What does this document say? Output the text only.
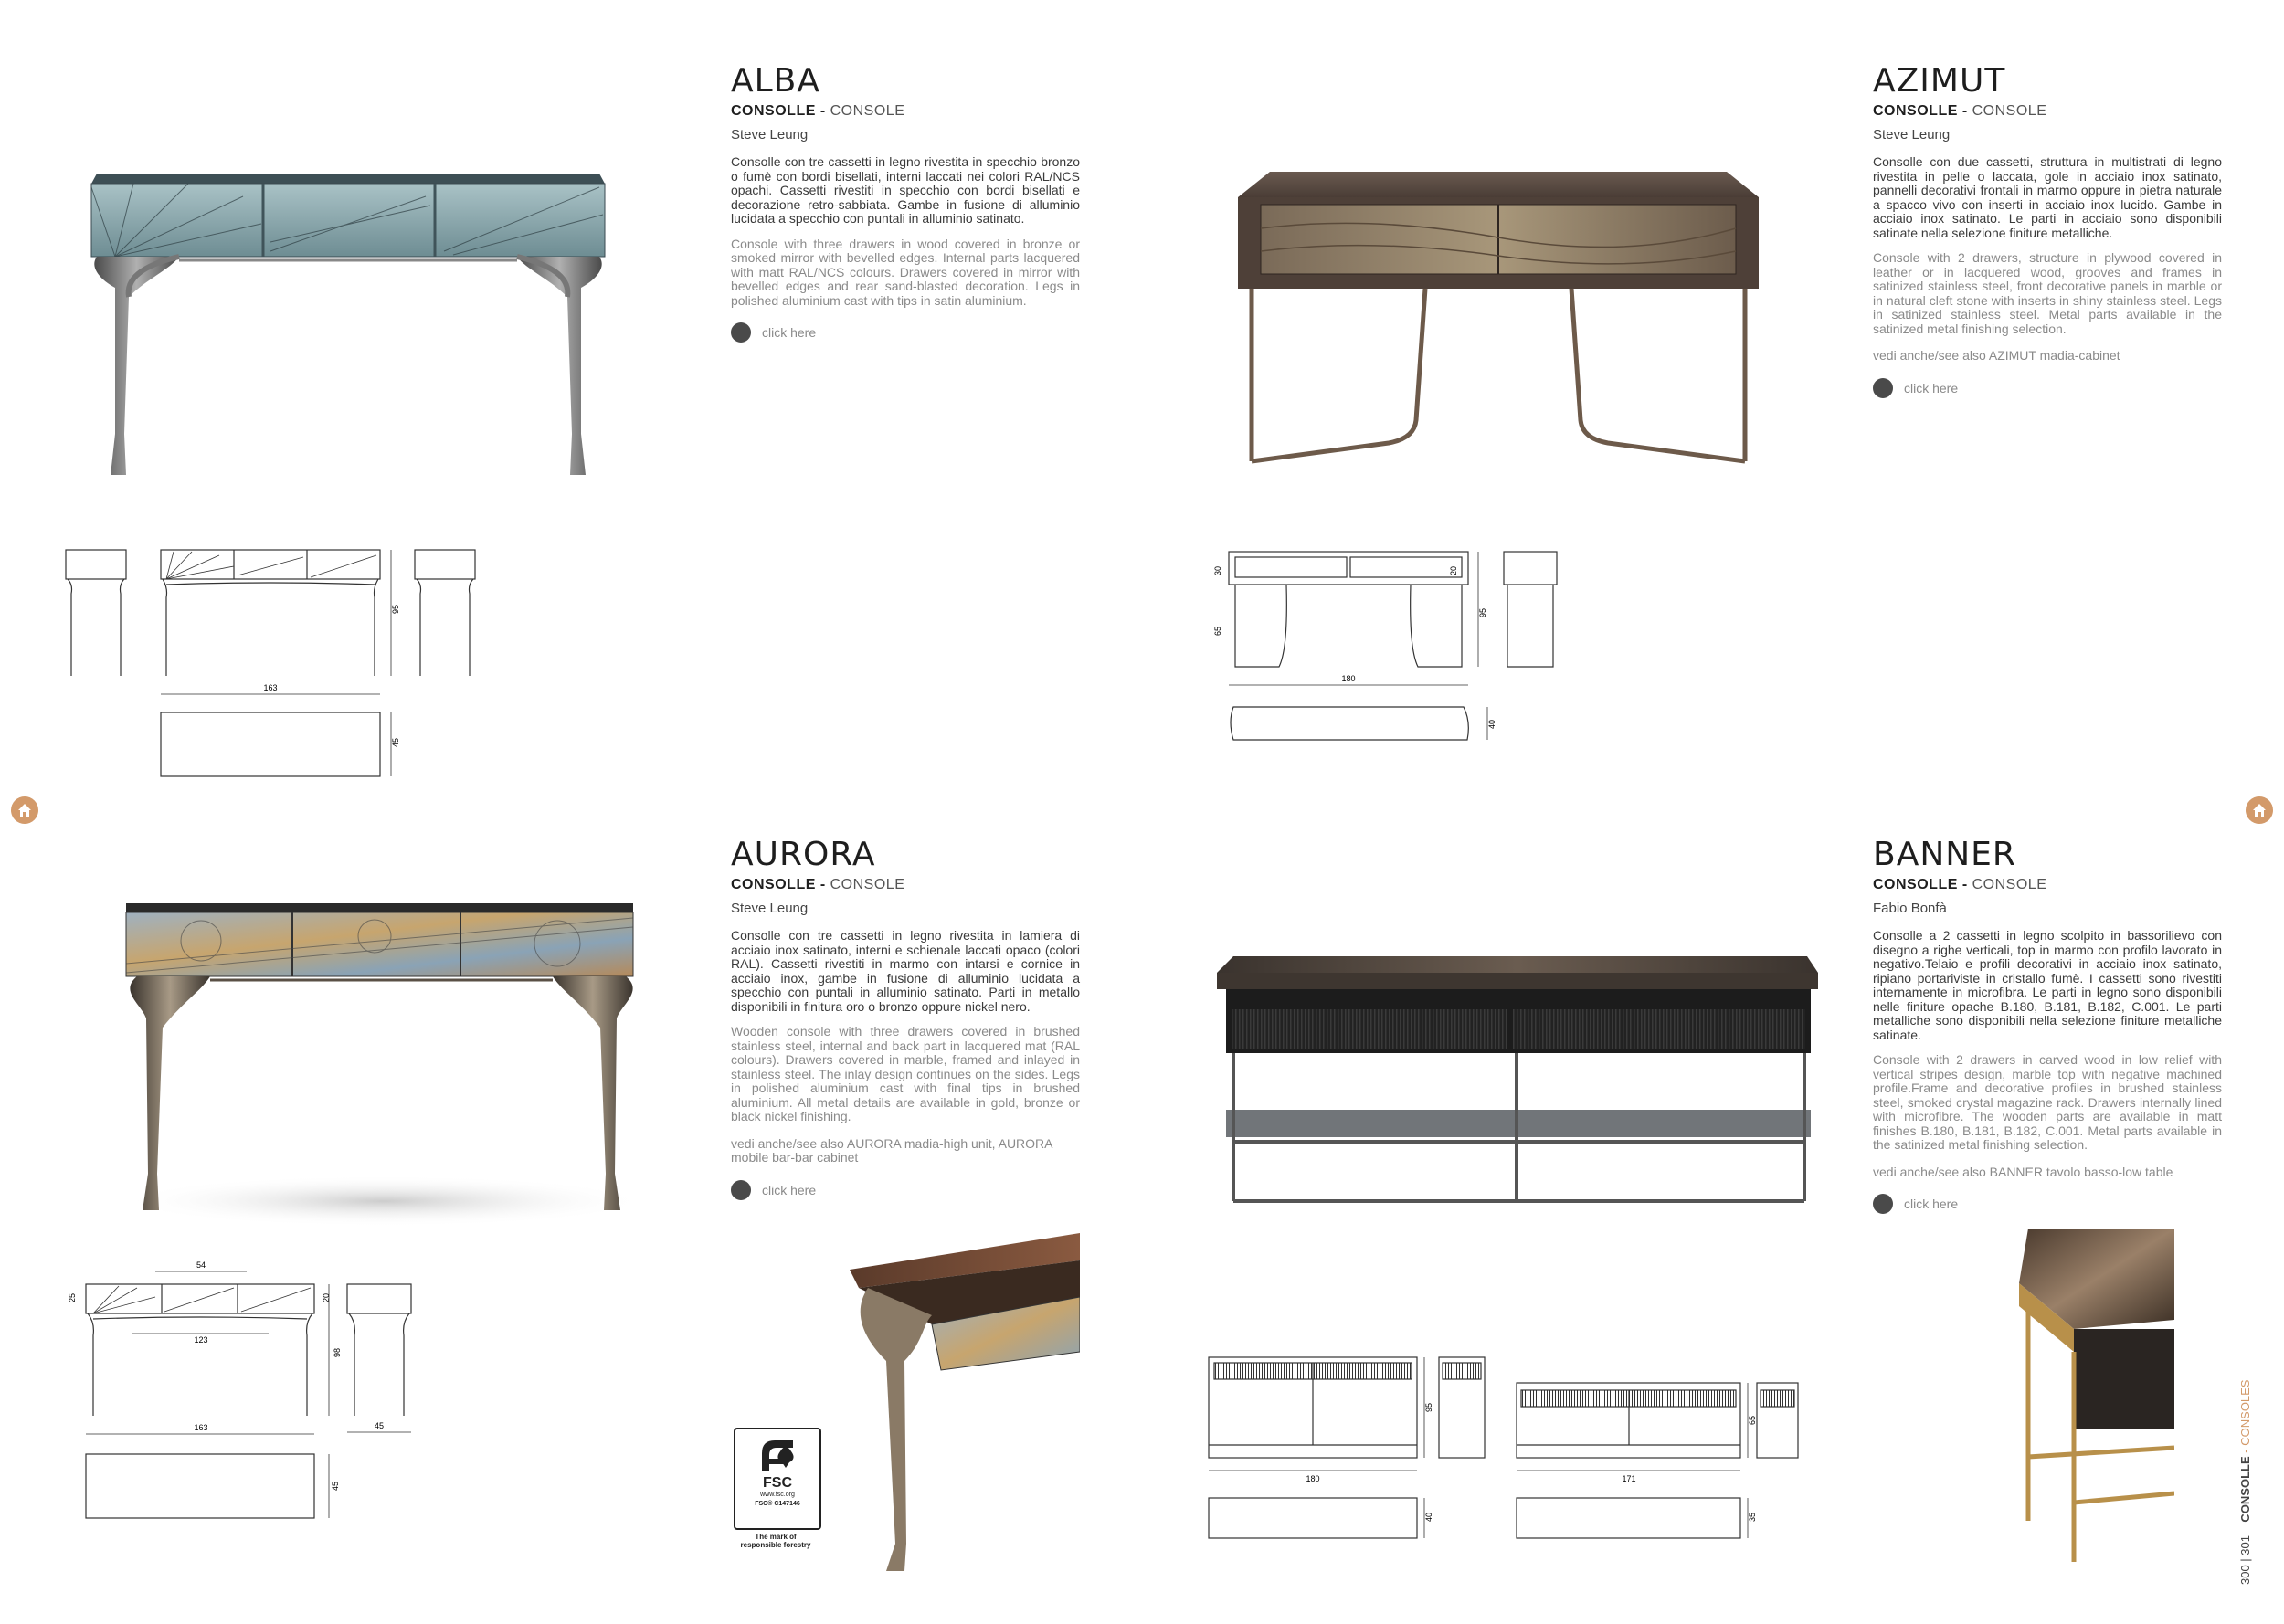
163
95
45
ALBA
CONSOLLE - CONSOLE
Steve Leung
Consolle con tre cassetti in legno rivestita in specchio bronzo o fumè con bordi bisellati, interni laccati nei colori RAL/NCS opachi. Cassetti rivestiti in specchio con bordi bisellati e decorazione retro-sabbiata. Gambe in fusione di alluminio lucidata a specchio con puntali in alluminio satinato.
Console with three drawers in wood covered in bronze or smoked mirror with bevelled edges. Internal parts lacquered with matt RAL/NCS colours. Drawers covered in mirror with bevelled edges and rear sand-blasted decoration. Legs in polished aluminium cast with tips in satin aluminium.
click here
180
30
65
20
95
40
AZIMUT
CONSOLLE - CONSOLE
Steve Leung
Consolle con due cassetti, struttura in multistrati di legno rivestita in pelle o laccata, gole in acciaio inox satinato, pannelli decorativi frontali in marmo oppure in pietra naturale a spacco vivo con inserti in acciaio inox lucido. Gambe in acciaio inox satinato. Le parti in acciaio sono disponibili satinate nella selezione finiture metalliche.
Console with 2 drawers, structure in plywood covered in leather or in lacquered wood, grooves and frames in satinized stainless steel, front decorative panels in marble or in natural cleft stone with inserts in shiny stainless steel. Legs in satinized stainless steel. Metal parts available in the satinized metal finishing selection.
vedi anche/see also AZIMUT madia-cabinet
click here
54
123
163
25	20
98
45
45
AURORA
CONSOLLE - CONSOLE
Steve Leung
Consolle con tre cassetti in legno rivestita in lamiera di acciaio inox satinato, interni e schienale laccati opaco (colori RAL). Cassetti rivestiti in marmo con intarsi e cornice in acciaio inox, gambe in fusione di alluminio lucidata a specchio con puntali in alluminio satinato. Parti in metallo disponibili in finitura oro o bronzo oppure nickel nero.
Wooden console with three drawers covered in brushed stainless steel, internal and back part in lacquered mat (RAL colours). Drawers covered in marble, framed and inlayed in stainless steel. The inlay design continues on the sides. Legs in polished aluminium cast with final tips in brushed aluminium. All metal details are available in gold, bronze or black nickel finishing.
vedi anche/see also AURORA madia-high unit, AURORA mobile bar-bar cabinet
click here
FSC
www.fsc.org
FSC® C147146
The mark of responsible forestry
180	171
95
65
40	35
BANNER
CONSOLLE - CONSOLE
Fabio Bonfà
Consolle a 2 cassetti in legno scolpito in bassorilievo con disegno a righe verticali, top in marmo con profilo lavorato in negativo.Telaio e profili decorativi in acciaio inox satinato, ripiano portariviste in cristallo fumè. I cassetti sono rivestiti internamente in microfibra. Le parti in legno sono disponibili nelle finiture opache B.180, B.181, B.182, C.001. Le parti metalliche sono disponibili nella selezione finiture metalliche satinate.
Console with 2 drawers in carved wood in low relief with vertical stripes design, marble top with negative machined profile.Frame and decorative profiles in brushed stainless steel, smoked crystal magazine rack. Drawers internally lined with microfibre. The wooden parts are available in matt finishes B.180, B.181, B.182, C.001. Metal parts available in the satinized metal finishing selection.
vedi anche/see also BANNER tavolo basso-low table
click here
300 | 301    CONSOLLE - CONSOLES
